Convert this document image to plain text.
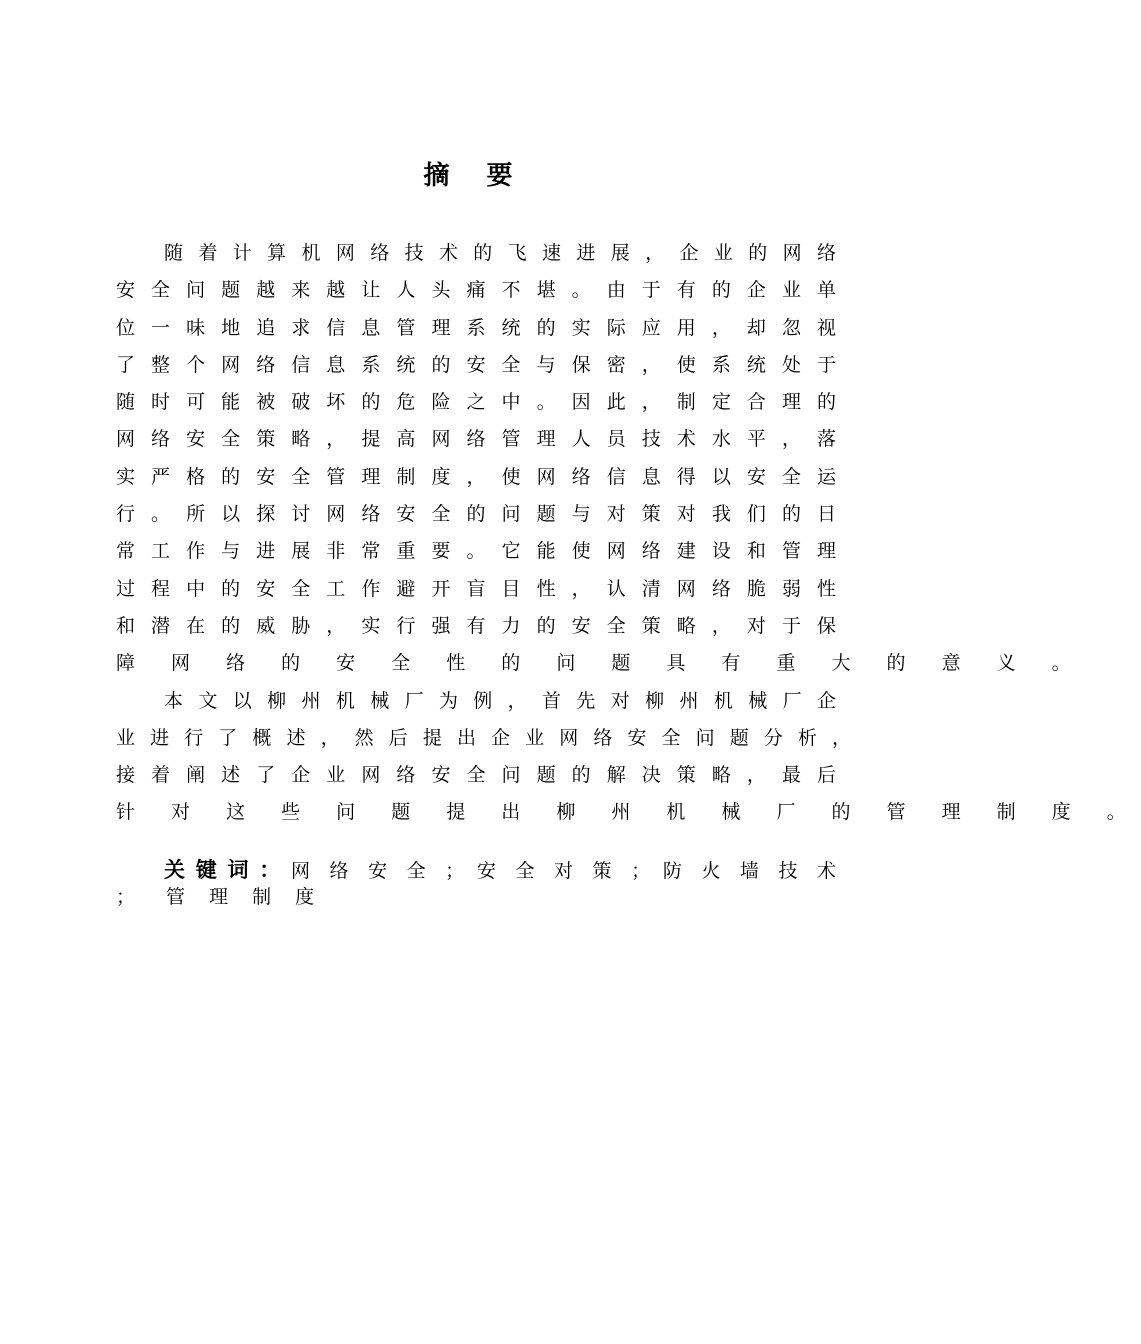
摘 要
随 着 计 算 机 网 络 技 术 的 飞 速 进 展 ， 企 业 的 网 络
安 全 问 题 越 来 越 让 人 头 痛 不 堪 。 由 于 有 的 企 业 单
位 一 味 地 追 求 信 息 管 理 系 统 的 实 际 应 用 ， 却 忽 视
了 整 个 网 络 信 息 系 统 的 安 全 与 保 密 ， 使 系 统 处 于
随 时 可 能 被 破 坏 的 危 险 之 中 。 因 此 ， 制 定 合 理 的
网 络 安 全 策 略 ， 提 高 网 络 管 理 人 员 技 术 水 平 ， 落
实 严 格 的 安 全 管 理 制 度 ， 使 网 络 信 息 得 以 安 全 运
行 。 所 以 探 讨 网 络 安 全 的 问 题 与 对 策 对 我 们 的 日
常 工 作 与 进 展 非 常 重 要 。 它 能 使 网 络 建 设 和 管 理
过 程 中 的 安 全 工 作 避 开 盲 目 性 ， 认 清 网 络 脆 弱 性
和 潜 在 的 威 胁 ， 实 行 强 有 力 的 安 全 策 略 ， 对 于 保
障 网 络 的 安 全 性 的 问 题 具 有 重 大 的 意 义 。
本 文 以 柳 州 机 械 厂 为 例 ， 首 先 对 柳 州 机 械 厂 企
业 进 行 了 概 述 ， 然 后 提 出 企 业 网 络 安 全 问 题 分 析 ，
接 着 阐 述 了 企 业 网 络 安 全 问 题 的 解 决 策 略 ， 最 后
针 对 这 些 问 题 提 出 柳 州 机 械 厂 的 管 理 制 度 。
关键词：网 络 安 全 ； 安 全 对 策 ； 防 火 墙 技 术
； 管 理 制 度
